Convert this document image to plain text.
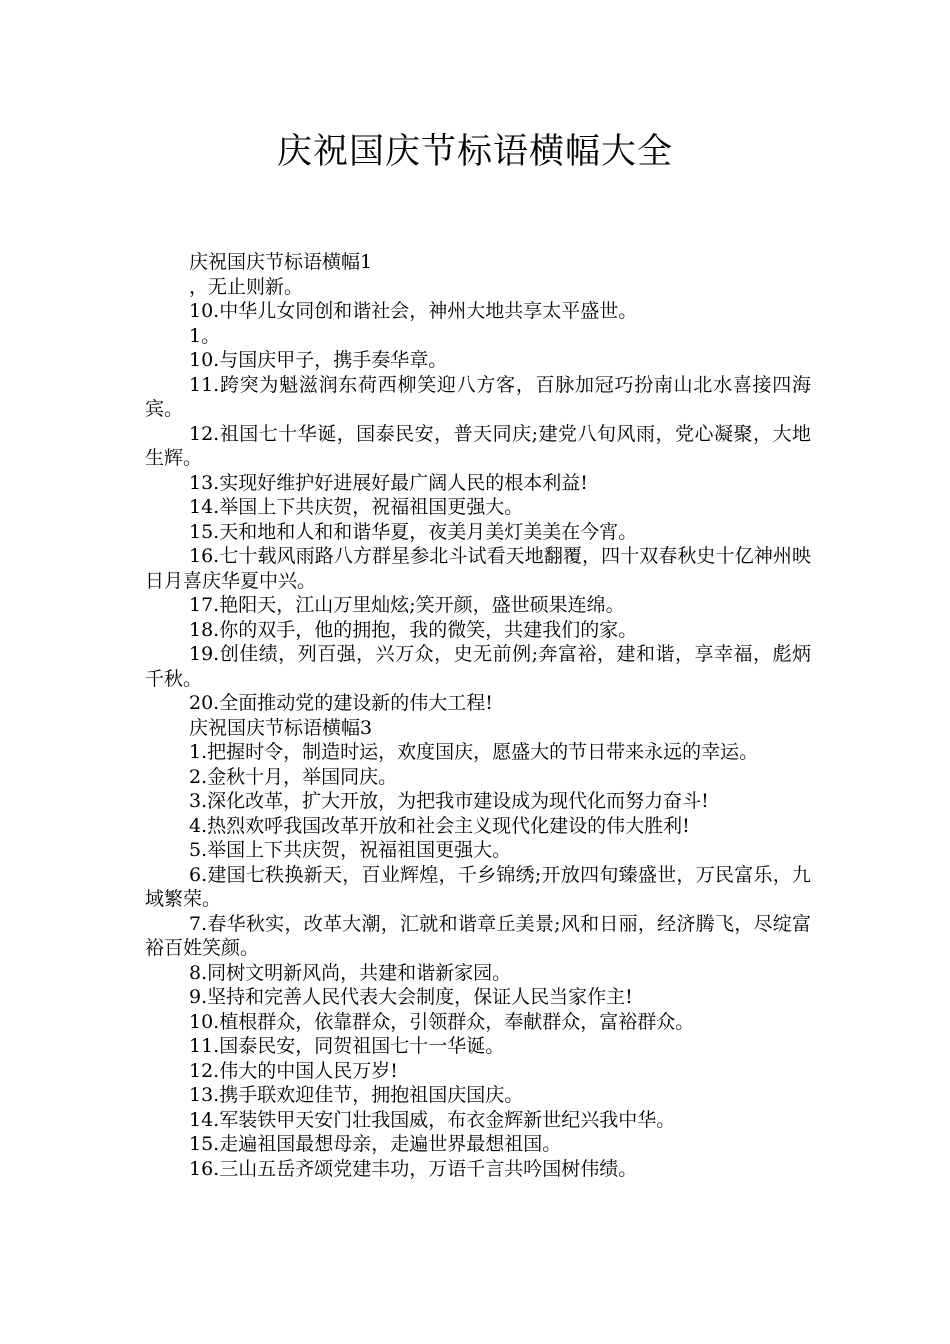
庆祝国庆节标语横幅大全

庆祝国庆节标语横幅1

，无止则新。

10.中华儿女同创和谐社会，神州大地共享太平盛世。

1。

10.与国庆甲子，携手奏华章。

11.跨突为魁滋润东荷西柳笑迎八方客，百脉加冠巧扮南山北水喜接四海宾。

12.祖国七十华诞，国泰民安，普天同庆;建党八旬风雨，党心凝聚，大地生辉。

13.实现好维护好进展好最广阔人民的根本利益!

14.举国上下共庆贺，祝福祖国更强大。

15.天和地和人和和谐华夏，夜美月美灯美美在今宵。

16.七十载风雨路八方群星参北斗试看天地翻覆，四十双春秋史十亿神州映日月喜庆华夏中兴。

17.艳阳天，江山万里灿炫;笑开颜，盛世硕果连绵。

18.你的双手，他的拥抱，我的微笑，共建我们的家。

19.创佳绩，列百强，兴万众，史无前例;奔富裕，建和谐，享幸福，彪炳千秋。

20.全面推动党的建设新的伟大工程!

庆祝国庆节标语横幅3

1.把握时令，制造时运，欢度国庆，愿盛大的节日带来永远的幸运。

2.金秋十月，举国同庆。

3.深化改革，扩大开放，为把我市建设成为现代化而努力奋斗!

4.热烈欢呼我国改革开放和社会主义现代化建设的伟大胜利!

5.举国上下共庆贺，祝福祖国更强大。

6.建国七秩换新天，百业辉煌，千乡锦绣;开放四旬臻盛世，万民富乐，九域繁荣。

7.春华秋实，改革大潮，汇就和谐章丘美景;风和日丽，经济腾飞，尽绽富裕百姓笑颜。

8.同树文明新风尚，共建和谐新家园。

9.坚持和完善人民代表大会制度，保证人民当家作主!

10.植根群众，依靠群众，引领群众，奉献群众，富裕群众。

11.国泰民安，同贺祖国七十一华诞。

12.伟大的中国人民万岁!

13.携手联欢迎佳节，拥抱祖国庆国庆。

14.军装铁甲天安门壮我国威，布衣金辉新世纪兴我中华。

15.走遍祖国最想母亲，走遍世界最想祖国。

16.三山五岳齐颂党建丰功，万语千言共吟国树伟绩。
